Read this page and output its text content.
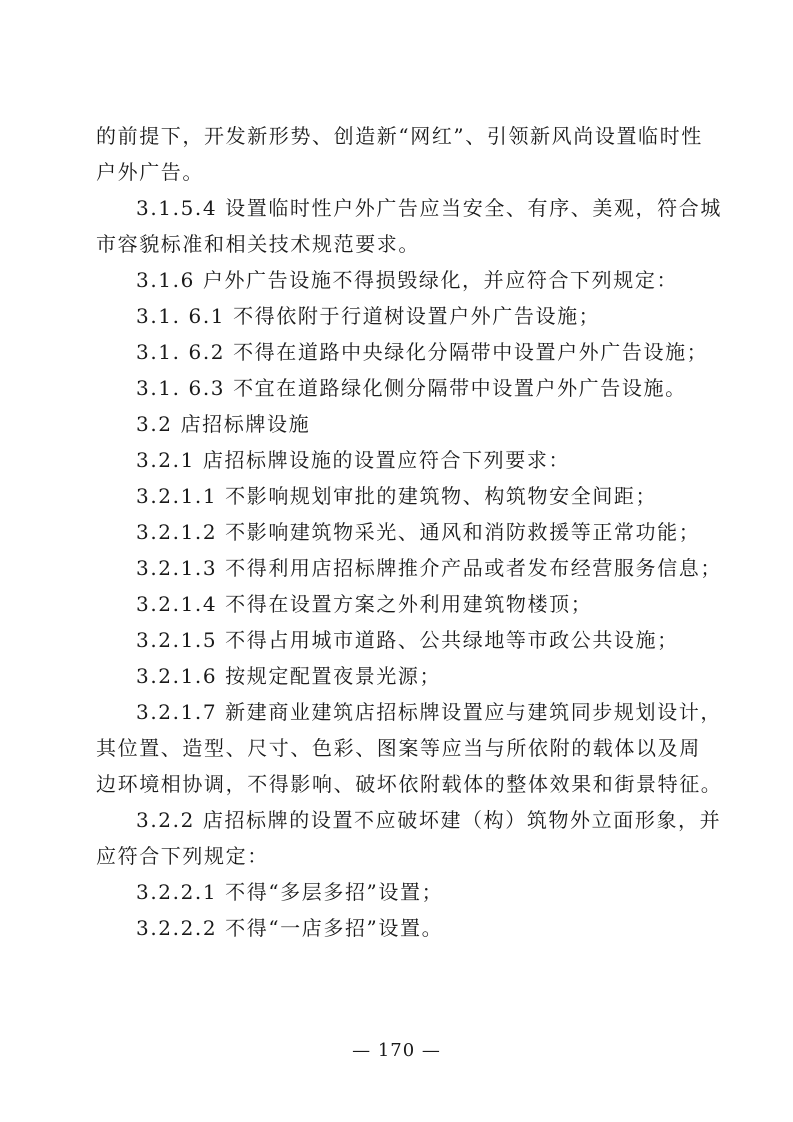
的前提下，开发新形势、创造新“网红”、引领新风尚设置临时性
户外广告。
3.1.5.4 设置临时性户外广告应当安全、有序、美观，符合城
市容貌标准和相关技术规范要求。
3.1.6 户外广告设施不得损毁绿化，并应符合下列规定：
3.1. 6.1 不得依附于行道树设置户外广告设施；
3.1. 6.2 不得在道路中央绿化分隔带中设置户外广告设施；
3.1. 6.3 不宜在道路绿化侧分隔带中设置户外广告设施。
3.2 店招标牌设施
3.2.1 店招标牌设施的设置应符合下列要求：
3.2.1.1 不影响规划审批的建筑物、构筑物安全间距；
3.2.1.2 不影响建筑物采光、通风和消防救援等正常功能；
3.2.1.3 不得利用店招标牌推介产品或者发布经营服务信息；
3.2.1.4 不得在设置方案之外利用建筑物楼顶；
3.2.1.5 不得占用城市道路、公共绿地等市政公共设施；
3.2.1.6 按规定配置夜景光源；
3.2.1.7 新建商业建筑店招标牌设置应与建筑同步规划设计，
其位置、造型、尺寸、色彩、图案等应当与所依附的载体以及周
边环境相协调，不得影响、破坏依附载体的整体效果和街景特征。
3.2.2 店招标牌的设置不应破坏建（构）筑物外立面形象，并
应符合下列规定：
3.2.2.1 不得“多层多招”设置；
3.2.2.2 不得“一店多招”设置。
— 170 —
